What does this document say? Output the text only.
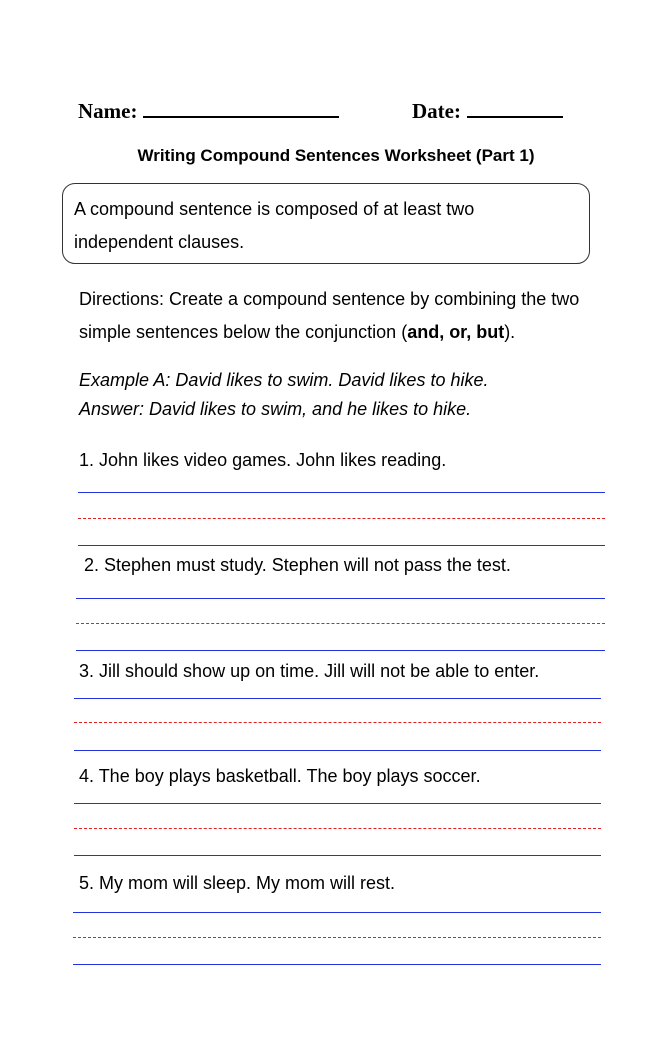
Name:	Date:
Writing Compound Sentences Worksheet (Part 1)
A compound sentence is composed of at least two
independent clauses.
Directions: Create a compound sentence by combining the two
simple sentences below the conjunction (and, or, but).
Example A: David likes to swim. David likes to hike.
Answer: David likes to swim, and he likes to hike.
1. John likes video games. John likes reading.
2. Stephen must study. Stephen will not pass the test.
3. Jill should show up on time. Jill will not be able to enter.
4. The boy plays basketball. The boy plays soccer.
5. My mom will sleep. My mom will rest.
